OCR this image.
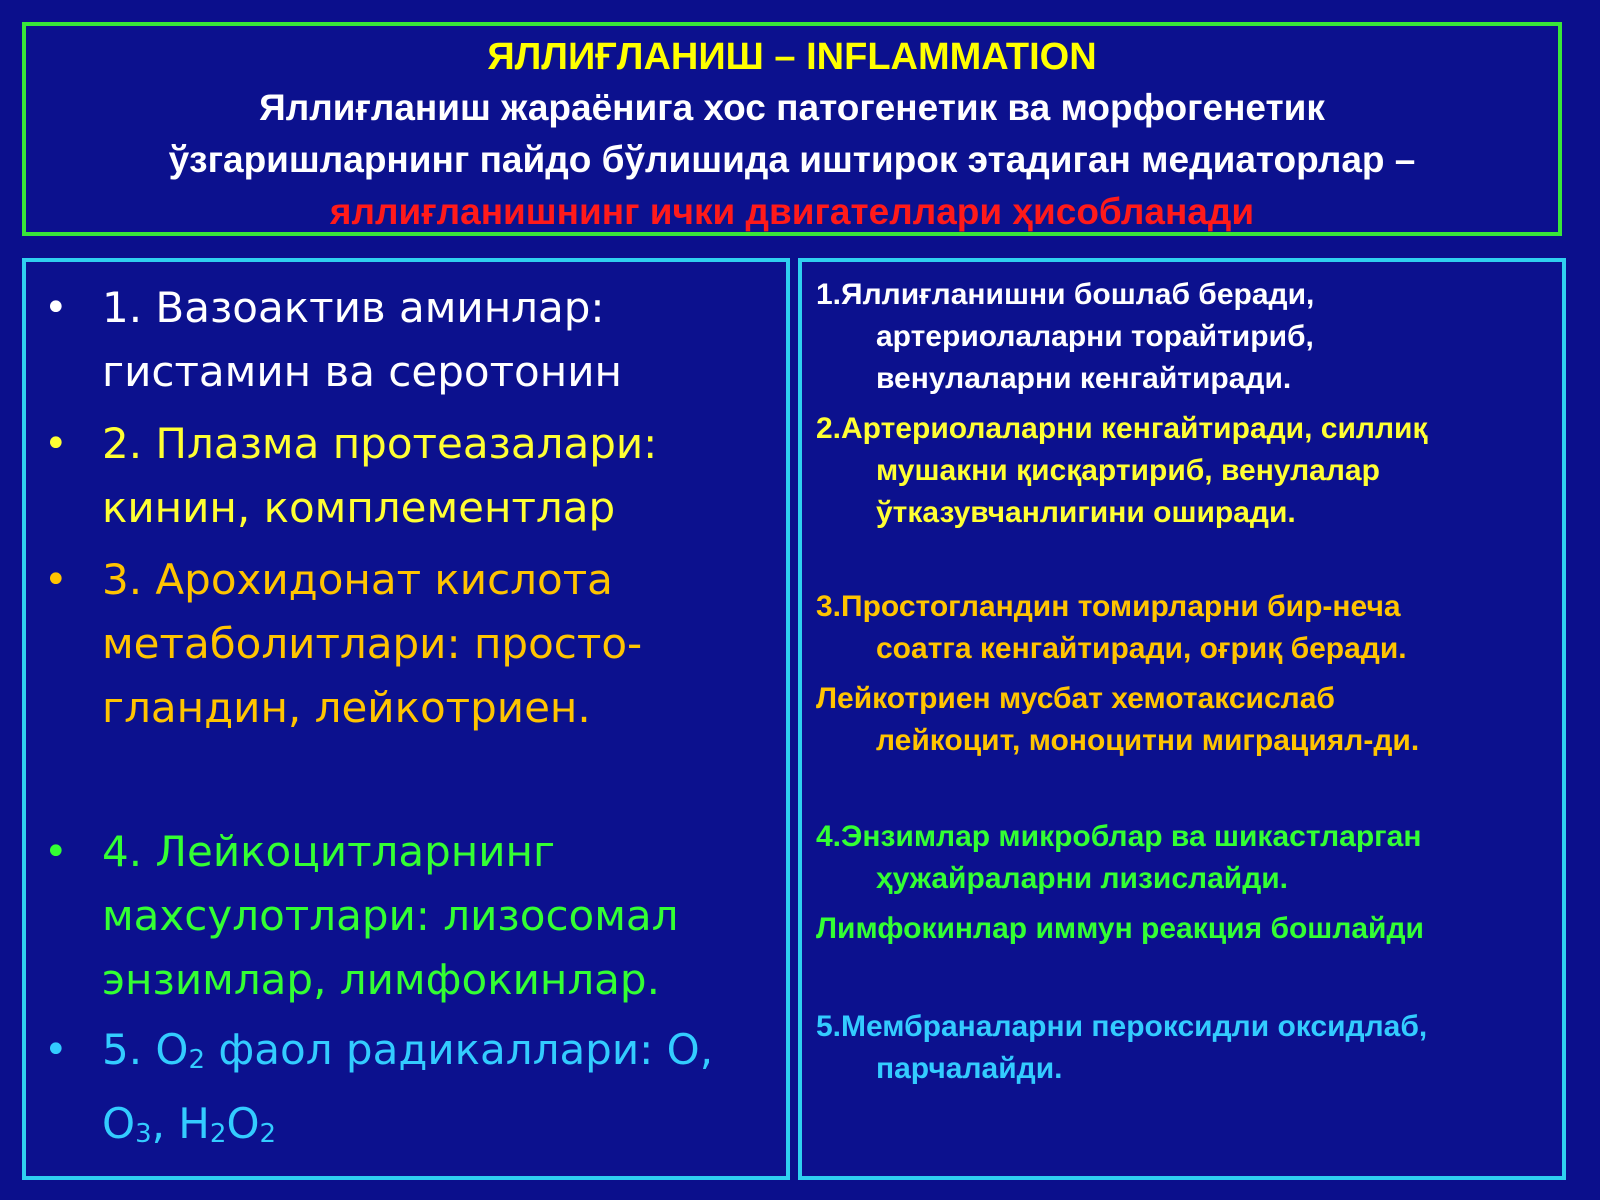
ЯЛЛИҒЛАНИШ – INFLAMMATION
Яллиғланиш жараёнига хос патогенетик ва морфогенетик
ўзгаришларнинг пайдо бўлишида иштирок этадиган медиаторлар –
яллиғланишнинг ички двигателлари ҳисобланади
• 1. Вазоактив аминлар:
гистамин ва серотонин
• 2. Плазма протеазалари:
кинин, комплементлар
• 3. Арохидонат кислота
метаболитлари: просто-
гландин, лейкотриен.
• 4. Лейкоцитларнинг
махсулотлари: лизосомал
энзимлар, лимфокинлар.
• 5. $O_2$ фаол радикаллари: O,
$O_3$, $H_2O_2$
1.Яллиғланишни бошлаб беради,
артериолаларни торайтириб,
венулаларни кенгайтиради.
2.Артериолаларни кенгайтиради, силлиқ
мушакни қисқартириб, венулалар
ўтказувчанлигини оширади.
3.Простогландин томирларни бир-неча
соатга кенгайтиради, оғриқ беради.
Лейкотриен мусбат хемотаксислаб
лейкоцит, моноцитни миграциял-ди.
4.Энзимлар микроблар ва шикастларган
ҳужайраларни лизислайди.
Лимфокинлар иммун реакция бошлайди
5.Мембраналарни пероксидли оксидлаб,
парчалайди.
